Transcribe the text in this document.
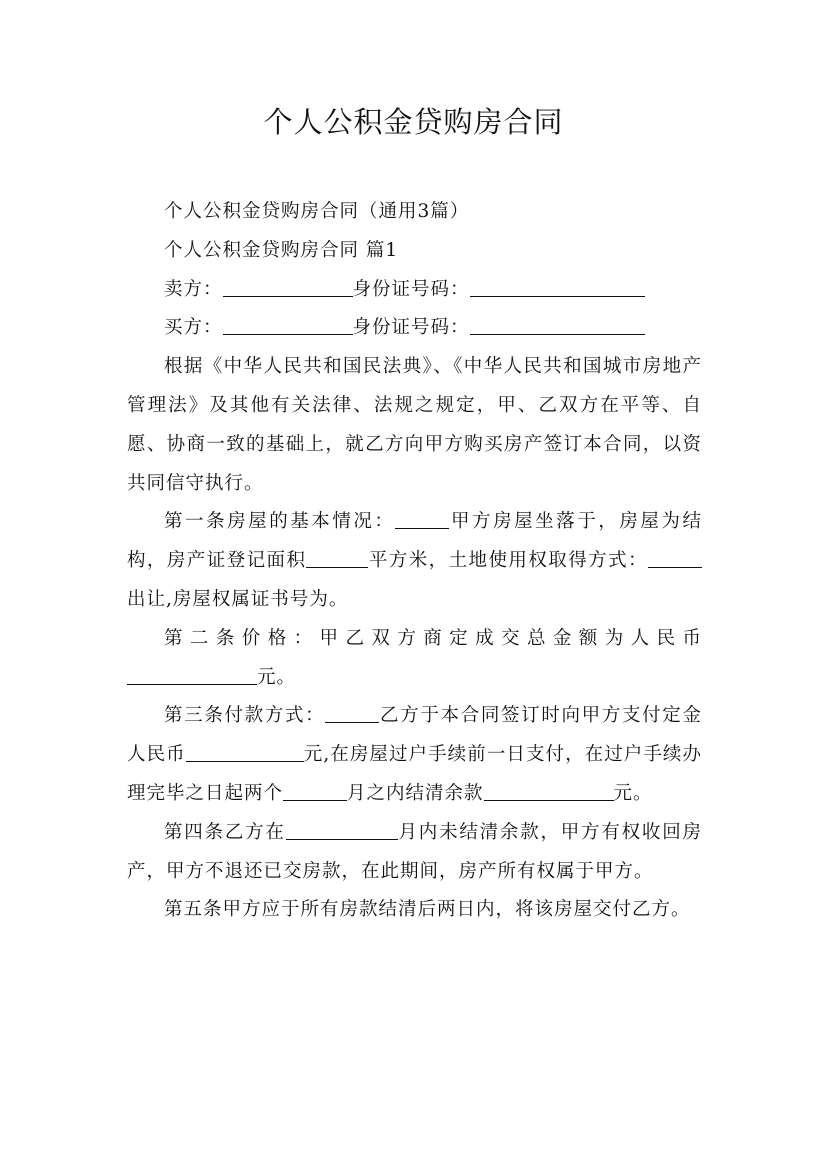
个人公积金贷购房合同

个人公积金贷购房合同（通用3篇）

个人公积金贷购房合同 篇1

卖方：	身份证号码：

买方：	身份证号码：

根据《中华人民共和国民法典》、《中华人民共和国城市房地产管理法》及其他有关法律、法规之规定，甲、乙双方在平等、自愿、协商一致的基础上，就乙方向甲方购买房产签订本合同，以资共同信守执行。

第一条房屋的基本情况：	甲方房屋坐落于，房屋为结构，房产证登记面积	平方米，土地使用权取得方式：出让,房屋权属证书号为。

第二条价格：甲乙双方商定成交总金额为人民币元。

第三条付款方式：	乙方于本合同签订时向甲方支付定金人民币	元,在房屋过户手续前一日支付，在过户手续办理完毕之日起两个	月之内结清余款	元。

第四条乙方在	月内未结清余款，甲方有权收回房产，甲方不退还已交房款，在此期间，房产所有权属于甲方。

第五条甲方应于所有房款结清后两日内，将该房屋交付乙方。
